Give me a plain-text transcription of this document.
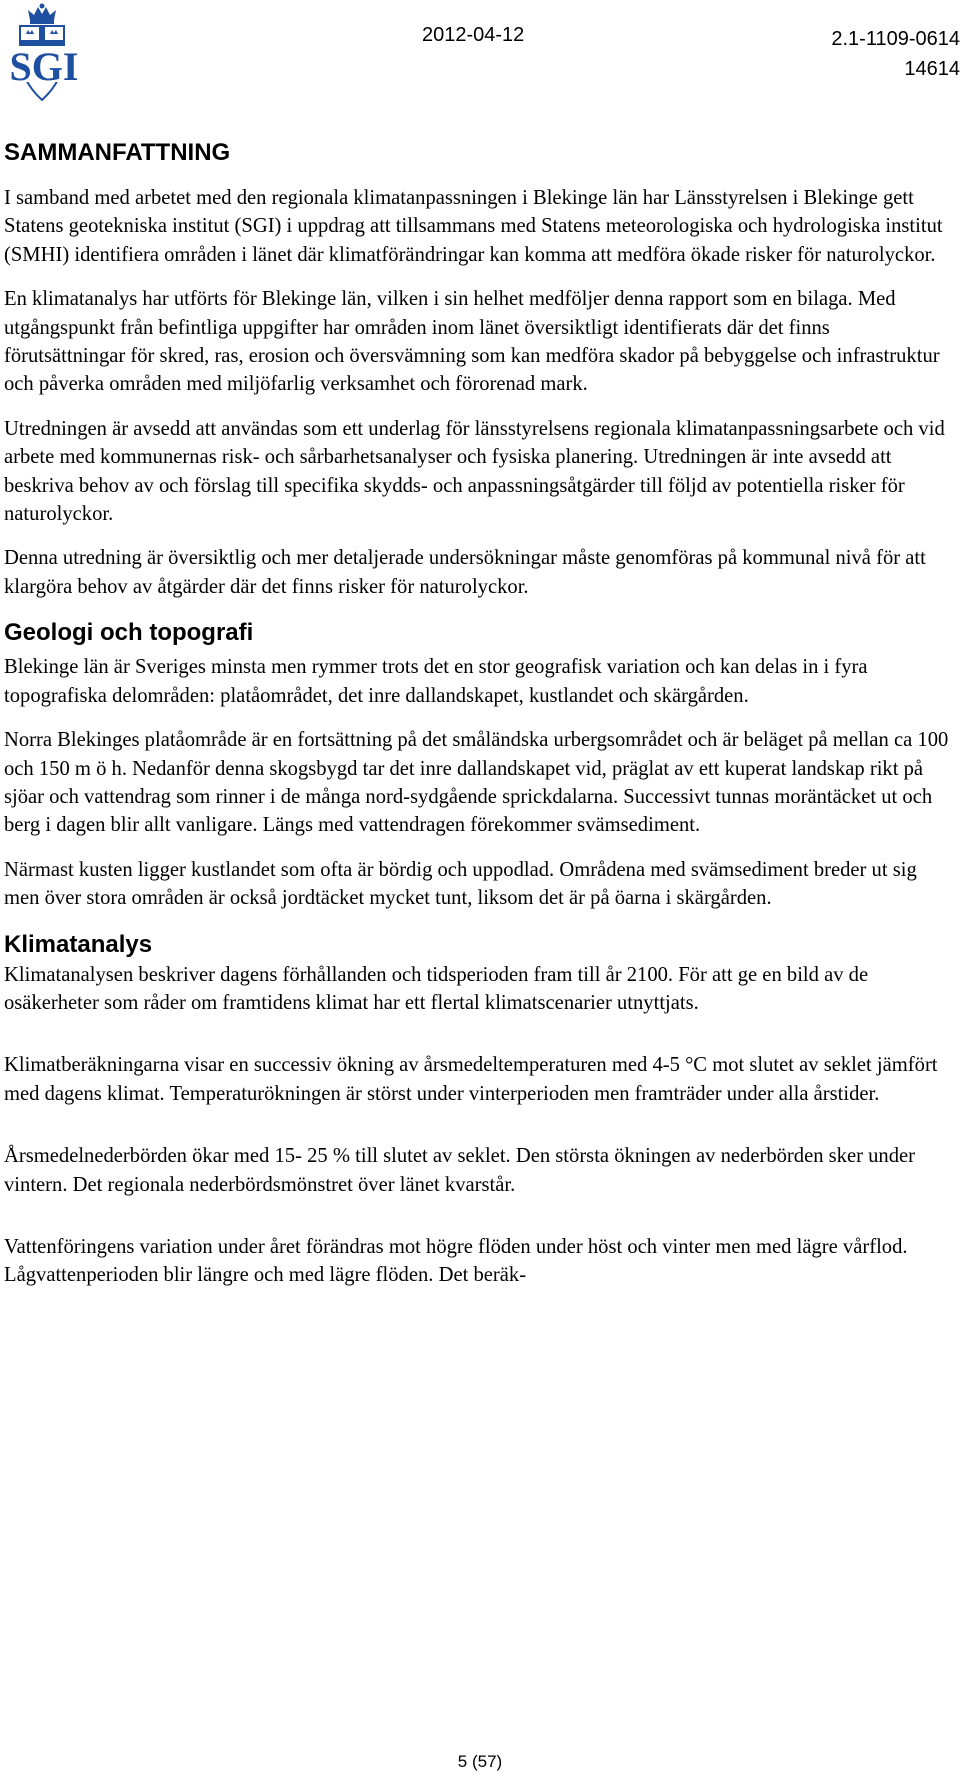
SGI
2012-04-12	2.1-1109-0614
14614
SAMMANFATTNING

I samband med arbetet med den regionala klimatanpassningen i Blekinge län har Länsstyrelsen i Blekinge gett Statens geotekniska institut (SGI) i uppdrag att tillsammans med Statens meteorologiska och hydrologiska institut (SMHI) identifiera områden i länet där klimatförändringar kan komma att medföra ökade risker för naturolyckor.

En klimatanalys har utförts för Blekinge län, vilken i sin helhet medföljer denna rapport som en bilaga. Med utgångspunkt från befintliga uppgifter har områden inom länet översiktligt identifierats där det finns förutsättningar för skred, ras, erosion och översvämning som kan medföra skador på bebyggelse och infrastruktur och påverka områden med miljöfarlig verksamhet och förorenad mark.

Utredningen är avsedd att användas som ett underlag för länsstyrelsens regionala klimatanpassningsarbete och vid arbete med kommunernas risk- och sårbarhetsanalyser och fysiska planering. Utredningen är inte avsedd att beskriva behov av och förslag till specifika skydds- och anpassningsåtgärder till följd av potentiella risker för naturolyckor.

Denna utredning är översiktlig och mer detaljerade undersökningar måste genomföras på kommunal nivå för att klargöra behov av åtgärder där det finns risker för naturolyckor.

Geologi och topografi

Blekinge län är Sveriges minsta men rymmer trots det en stor geografisk variation och kan delas in i fyra topografiska delområden: platåområdet, det inre dallandskapet, kustlandet och skärgården.

Norra Blekinges platåområde är en fortsättning på det småländska urbergsområdet och är beläget på mellan ca 100 och 150 m ö h. Nedanför denna skogsbygd tar det inre dallandskapet vid, präglat av ett kuperat landskap rikt på sjöar och vattendrag som rinner i de många nord-sydgående sprickdalarna. Successivt tunnas moräntäcket ut och berg i dagen blir allt vanligare. Längs med vattendragen förekommer svämsediment.

Närmast kusten ligger kustlandet som ofta är bördig och uppodlad. Områdena med svämsediment breder ut sig men över stora områden är också jordtäcket mycket tunt, liksom det är på öarna i skärgården.

Klimatanalys

Klimatanalysen beskriver dagens förhållanden och tidsperioden fram till år 2100. För att ge en bild av de osäkerheter som råder om framtidens klimat har ett flertal klimatscenarier utnyttjats.

Klimatberäkningarna visar en successiv ökning av årsmedeltemperaturen med 4-5 °C mot slutet av seklet jämfört med dagens klimat. Temperaturökningen är störst under vinterperioden men framträder under alla årstider.

Årsmedelnederbörden ökar med 15- 25 % till slutet av seklet. Den största ökningen av nederbörden sker under vintern. Det regionala nederbördsmönstret över länet kvarstår.

Vattenföringens variation under året förändras mot högre flöden under höst och vinter men med lägre vårflod. Lågvattenperioden blir längre och med lägre flöden. Det beräk-

5 (57)
